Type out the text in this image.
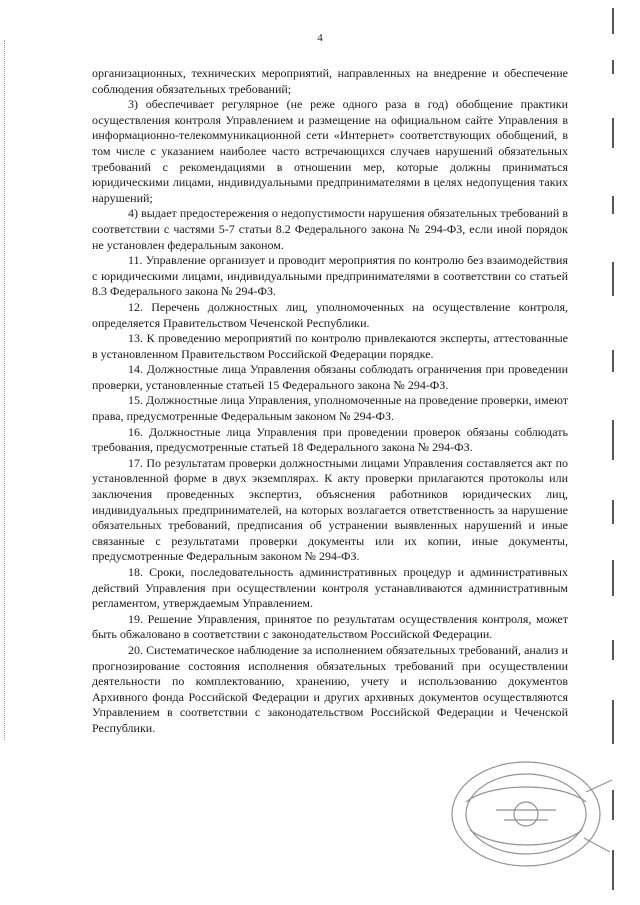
4

организационных, технических мероприятий, направленных на внедрение и обеспечение соблюдения обязательных требований;

3) обеспечивает регулярное (не реже одного раза в год) обобщение практики осуществления контроля Управлением и размещение на официальном сайте Управления в информационно-телекоммуникационной сети «Интернет» соответствующих обобщений, в том числе с указанием наиболее часто встречающихся случаев нарушений обязательных требований с рекомендациями в отношении мер, которые должны приниматься юридическими лицами, индивидуальными предпринимателями в целях недопущения таких нарушений;

4) выдает предостережения о недопустимости нарушения обязательных требований в соответствии с частями 5-7 статьи 8.2 Федерального закона № 294-ФЗ, если иной порядок не установлен федеральным законом.

11. Управление организует и проводит мероприятия по контролю без взаимодействия с юридическими лицами, индивидуальными предпринимателями в соответствии со статьей 8.3 Федерального закона № 294-ФЗ.

12. Перечень должностных лиц, уполномоченных на осуществление контроля, определяется Правительством Чеченской Республики.

13. К проведению мероприятий по контролю привлекаются эксперты, аттестованные в установленном Правительством Российской Федерации порядке.

14. Должностные лица Управления обязаны соблюдать ограничения при проведении проверки, установленные статьей 15 Федерального закона № 294-ФЗ.

15. Должностные лица Управления, уполномоченные на проведение проверки, имеют права, предусмотренные Федеральным законом № 294-ФЗ.

16. Должностные лица Управления при проведении проверок обязаны соблюдать требования, предусмотренные статьей 18 Федерального закона № 294-ФЗ.

17. По результатам проверки должностными лицами Управления составляется акт по установленной форме в двух экземплярах. К акту проверки прилагаются протоколы или заключения проведенных экспертиз, объяснения работников юридических лиц, индивидуальных предпринимателей, на которых возлагается ответственность за нарушение обязательных требований, предписания об устранении выявленных нарушений и иные связанные с результатами проверки документы или их копии, иные документы, предусмотренные Федеральным законом № 294-ФЗ.

18. Сроки, последовательность административных процедур и административных действий Управления при осуществлении контроля устанавливаются административным регламентом, утверждаемым Управлением.

19. Решение Управления, принятое по результатам осуществления контроля, может быть обжаловано в соответствии с законодательством Российской Федерации.

20. Систематическое наблюдение за исполнением обязательных требований, анализ и прогнозирование состояния исполнения обязательных требований при осуществлении деятельности по комплектованию, хранению, учету и использованию документов Архивного фонда Российской Федерации и других архивных документов осуществляются Управлением в соответствии с законодательством Российской Федерации и Чеченской Республики.
